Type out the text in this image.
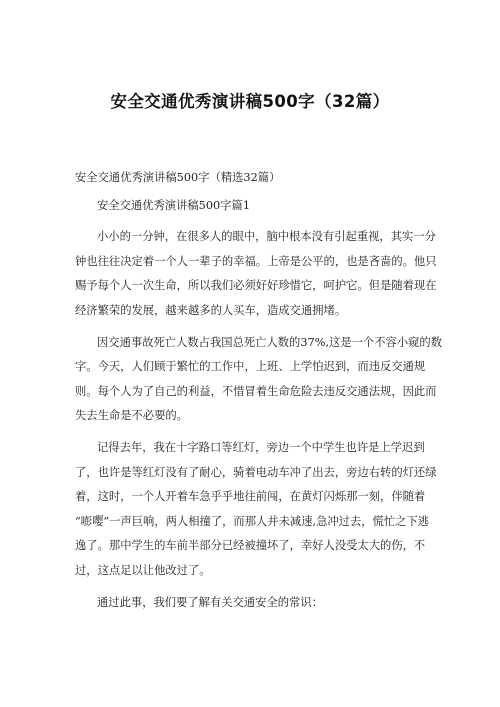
安全交通优秀演讲稿500字（32篇）
安全交通优秀演讲稿500字（精选32篇）
安全交通优秀演讲稿500字篇1
小小的一分钟，在很多人的眼中，脑中根本没有引起重视，其实一分
钟也往往决定着一个人一辈子的幸福。上帝是公平的，也是吝啬的。他只
赐予每个人一次生命，所以我们必须好好珍惜它，呵护它。但是随着现在
经济繁荣的发展，越来越多的人买车，造成交通拥堵。
因交通事故死亡人数占我国总死亡人数的37%,这是一个不容小窥的数
字。今天，人们顾于繁忙的工作中，上班、上学怕迟到，而违反交通规
则。每个人为了自己的利益，不惜冒着生命危险去违反交通法规，因此而
失去生命是不必要的。
记得去年，我在十字路口等红灯，旁边一个中学生也许是上学迟到
了，也许是等红灯没有了耐心，骑着电动车冲了出去，旁边右转的灯还绿
着，这时，一个人开着车急乎乎地往前闯，在黄灯闪烁那一刻，伴随着
“嘭嘤”一声巨响，两人相撞了，而那人并未减速,急冲过去，慌忙之下逃
逸了。那中学生的车前半部分已经被撞坏了，幸好人没受太大的伤，不
过，这点足以让他改过了。
通过此事，我们要了解有关交通安全的常识：
